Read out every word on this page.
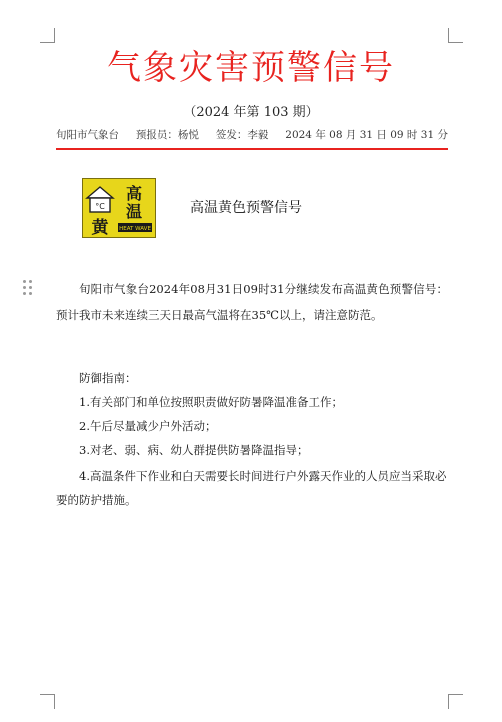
气象灾害预警信号
（2024 年第 103 期）
旬阳市气象台 预报员：杨悦 签发：李毅 2024 年 08 月 31 日 09 时 31 分
°C
黄
高
温
HEAT WAVE
高温黄色预警信号
旬阳市气象台2024年08月31日09时31分继续发布高温黄色预警信号：预计我市未来连续三天日最高气温将在35℃以上，请注意防范。
防御指南：
1.有关部门和单位按照职责做好防暑降温准备工作；
2.午后尽量减少户外活动；
3.对老、弱、病、幼人群提供防暑降温指导；
4.高温条件下作业和白天需要长时间进行户外露天作业的人员应当采取必要的防护措施。
